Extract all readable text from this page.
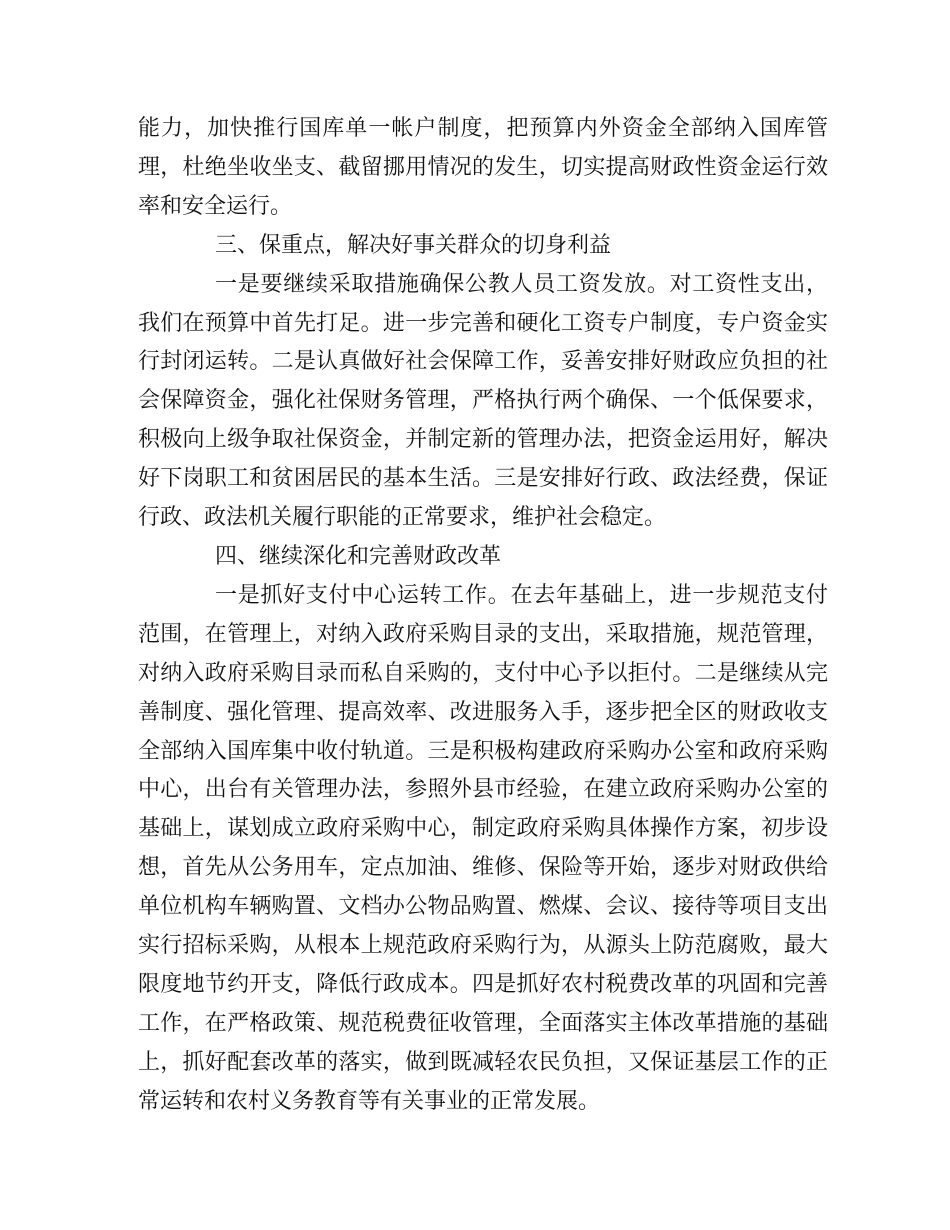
能力，加快推行国库单一帐户制度，把预算内外资金全部纳入国库管理，杜绝坐收坐支、截留挪用情况的发生，切实提高财政性资金运行效率和安全运行。

三、保重点，解决好事关群众的切身利益

一是要继续采取措施确保公教人员工资发放。对工资性支出，我们在预算中首先打足。进一步完善和硬化工资专户制度，专户资金实行封闭运转。二是认真做好社会保障工作，妥善安排好财政应负担的社会保障资金，强化社保财务管理，严格执行两个确保、一个低保要求，积极向上级争取社保资金，并制定新的管理办法，把资金运用好，解决好下岗职工和贫困居民的基本生活。三是安排好行政、政法经费，保证行政、政法机关履行职能的正常要求，维护社会稳定。

四、继续深化和完善财政改革

一是抓好支付中心运转工作。在去年基础上，进一步规范支付范围，在管理上，对纳入政府采购目录的支出，采取措施，规范管理，对纳入政府采购目录而私自采购的，支付中心予以拒付。二是继续从完善制度、强化管理、提高效率、改进服务入手，逐步把全区的财政收支全部纳入国库集中收付轨道。三是积极构建政府采购办公室和政府采购中心，出台有关管理办法，参照外县市经验，在建立政府采购办公室的基础上，谋划成立政府采购中心，制定政府采购具体操作方案，初步设想，首先从公务用车，定点加油、维修、保险等开始，逐步对财政供给单位机构车辆购置、文档办公物品购置、燃煤、会议、接待等项目支出实行招标采购，从根本上规范政府采购行为，从源头上防范腐败，最大限度地节约开支，降低行政成本。四是抓好农村税费改革的巩固和完善工作，在严格政策、规范税费征收管理，全面落实主体改革措施的基础上，抓好配套改革的落实，做到既减轻农民负担，又保证基层工作的正常运转和农村义务教育等有关事业的正常发展。
